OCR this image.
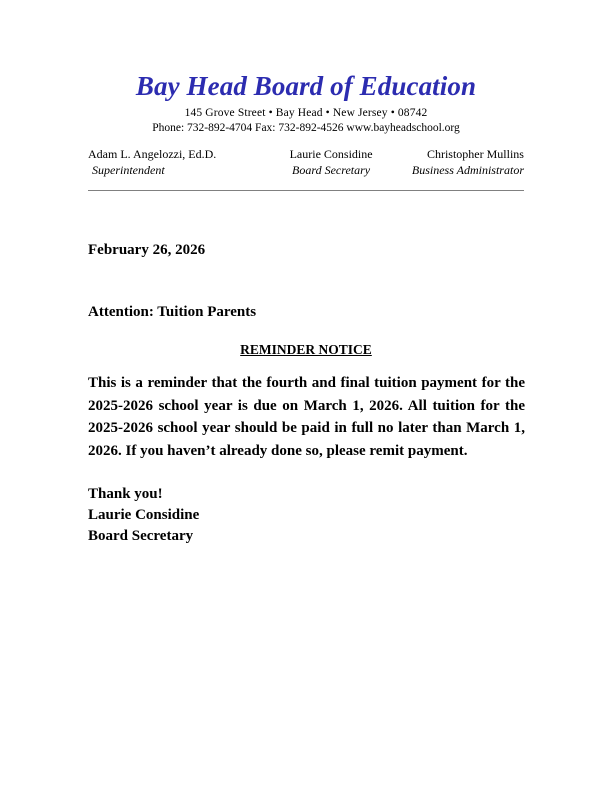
Bay Head Board of Education
145 Grove Street • Bay Head • New Jersey • 08742
Phone: 732-892-4704 Fax: 732-892-4526 www.bayheadschool.org
Adam L. Angelozzi, Ed.D.
Superintendent
Laurie Considine
Board Secretary
Christopher Mullins
Business Administrator
February 26, 2026
Attention: Tuition Parents
REMINDER NOTICE
This is a reminder that the fourth and final tuition payment for the 2025-2026 school year is due on March 1, 2026. All tuition for the 2025-2026 school year should be paid in full no later than March 1, 2026. If you haven’t already done so, please remit payment.
Thank you!
Laurie Considine
Board Secretary
